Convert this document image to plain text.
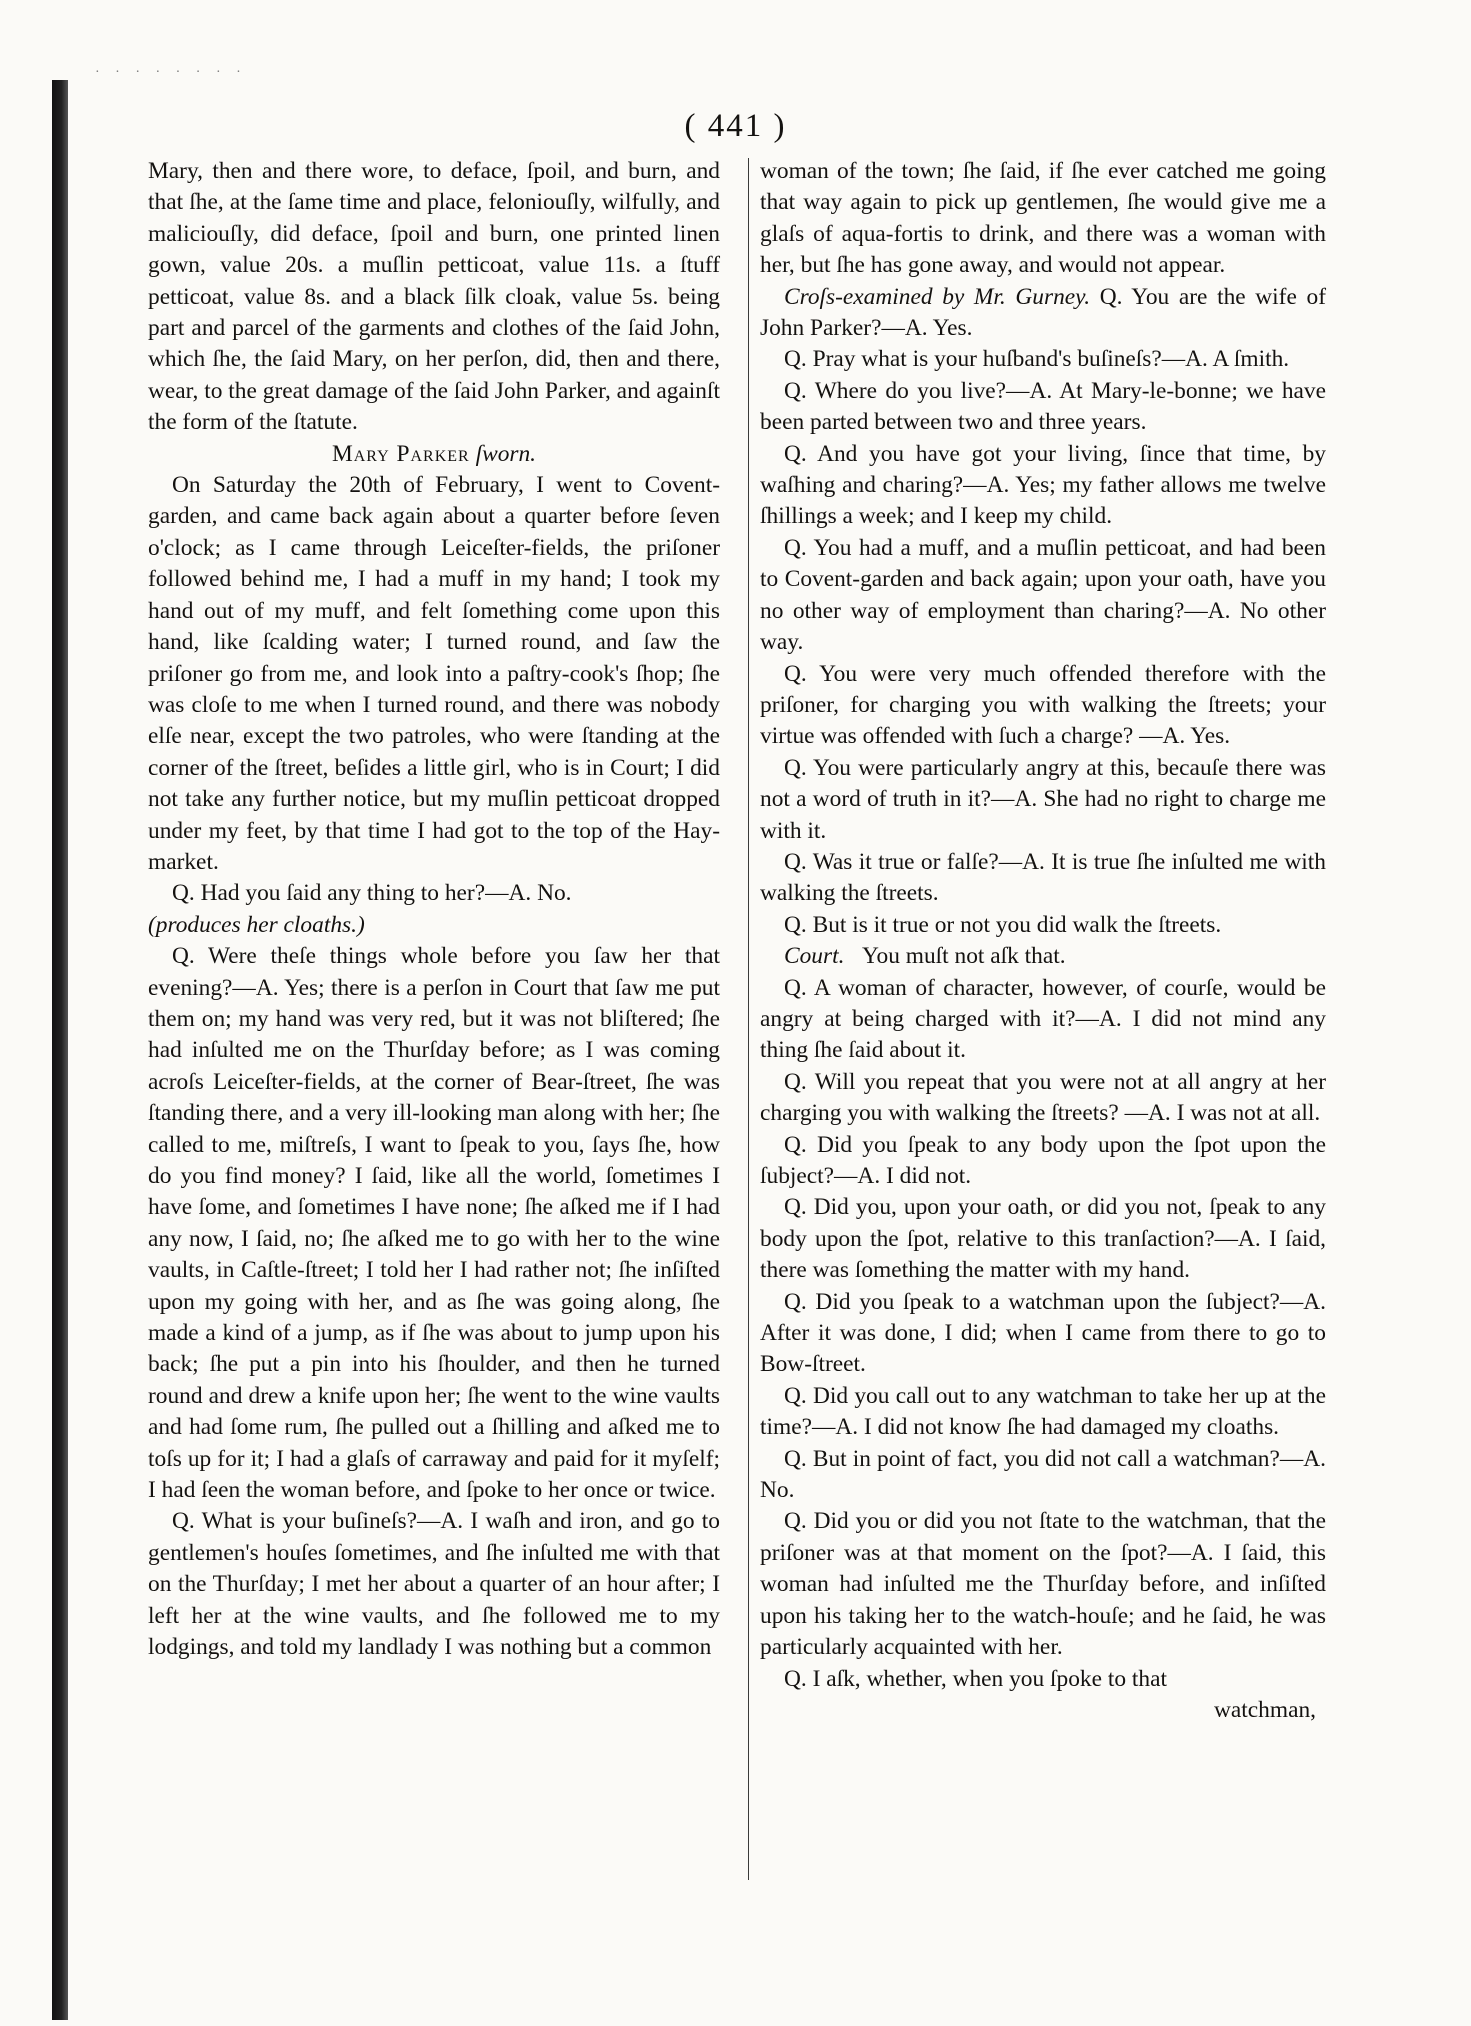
· · · · · · · ·
( 441 )

Mary, then and there wore, to deface, ſpoil, and burn, and that ſhe, at the ſame time and place, feloniouſly, wilfully, and maliciouſly, did deface, ſpoil and burn, one printed linen gown, value 20s. a muſlin petticoat, value 11s. a ſtuff petticoat, value 8s. and a black ſilk cloak, value 5s. being part and parcel of the garments and clothes of the ſaid John, which ſhe, the ſaid Mary, on her perſon, did, then and there, wear, to the great damage of the ſaid John Parker, and againſt the form of the ſtatute.

Mary Parker ſworn.

On Saturday the 20th of February, I went to Covent-garden, and came back again about a quarter before ſeven o'clock; as I came through Leiceſter-fields, the priſoner followed behind me, I had a muff in my hand; I took my hand out of my muff, and felt ſomething come upon this hand, like ſcalding water; I turned round, and ſaw the priſoner go from me, and look into a paſtry-cook's ſhop; ſhe was cloſe to me when I turned round, and there was nobody elſe near, except the two patroles, who were ſtanding at the corner of the ſtreet, beſides a little girl, who is in Court; I did not take any further notice, but my muſlin petticoat dropped under my feet, by that time I had got to the top of the Hay-market.

Q. Had you ſaid any thing to her?—A. No.

(produces her cloaths.)

Q. Were theſe things whole before you ſaw her that evening?—A. Yes; there is a perſon in Court that ſaw me put them on; my hand was very red, but it was not bliſtered; ſhe had inſulted me on the Thurſday before; as I was coming acroſs Leiceſter-fields, at the corner of Bear-ſtreet, ſhe was ſtanding there, and a very ill-looking man along with her; ſhe called to me, miſtreſs, I want to ſpeak to you, ſays ſhe, how do you find money? I ſaid, like all the world, ſometimes I have ſome, and ſometimes I have none; ſhe aſked me if I had any now, I ſaid, no; ſhe aſked me to go with her to the wine vaults, in Caſtle-ſtreet; I told her I had rather not; ſhe inſiſted upon my going with her, and as ſhe was going along, ſhe made a kind of a jump, as if ſhe was about to jump upon his back; ſhe put a pin into his ſhoulder, and then he turned round and drew a knife upon her; ſhe went to the wine vaults and had ſome rum, ſhe pulled out a ſhilling and aſked me to toſs up for it; I had a glaſs of carraway and paid for it myſelf; I had ſeen the woman before, and ſpoke to her once or twice.

Q. What is your buſineſs?—A. I waſh and iron, and go to gentlemen's houſes ſometimes, and ſhe inſulted me with that on the Thurſday; I met her about a quarter of an hour after; I left her at the wine vaults, and ſhe followed me to my lodgings, and told my landlady I was nothing but a common

woman of the town; ſhe ſaid, if ſhe ever catched me going that way again to pick up gentlemen, ſhe would give me a glaſs of aqua-fortis to drink, and there was a woman with her, but ſhe has gone away, and would not appear.

Croſs-examined by Mr. Gurney. Q. You are the wife of John Parker?—A. Yes.

Q. Pray what is your huſband's buſineſs?—A. A ſmith.

Q. Where do you live?—A. At Mary-le-bonne; we have been parted between two and three years.

Q. And you have got your living, ſince that time, by waſhing and charing?—A. Yes; my father allows me twelve ſhillings a week; and I keep my child.

Q. You had a muff, and a muſlin petticoat, and had been to Covent-garden and back again; upon your oath, have you no other way of employment than charing?—A. No other way.

Q. You were very much offended therefore with the priſoner, for charging you with walking the ſtreets; your virtue was offended with ſuch a charge? —A. Yes.

Q. You were particularly angry at this, becauſe there was not a word of truth in it?—A. She had no right to charge me with it.

Q. Was it true or falſe?—A. It is true ſhe inſulted me with walking the ſtreets.

Q. But is it true or not you did walk the ſtreets.

Court. You muſt not aſk that.

Q. A woman of character, however, of courſe, would be angry at being charged with it?—A. I did not mind any thing ſhe ſaid about it.

Q. Will you repeat that you were not at all angry at her charging you with walking the ſtreets? —A. I was not at all.

Q. Did you ſpeak to any body upon the ſpot upon the ſubject?—A. I did not.

Q. Did you, upon your oath, or did you not, ſpeak to any body upon the ſpot, relative to this tranſaction?—A. I ſaid, there was ſomething the matter with my hand.

Q. Did you ſpeak to a watchman upon the ſubject?—A. After it was done, I did; when I came from there to go to Bow-ſtreet.

Q. Did you call out to any watchman to take her up at the time?—A. I did not know ſhe had damaged my cloaths.

Q. But in point of fact, you did not call a watchman?—A. No.

Q. Did you or did you not ſtate to the watchman, that the priſoner was at that moment on the ſpot?—A. I ſaid, this woman had inſulted me the Thurſday before, and inſiſted upon his taking her to the watch-houſe; and he ſaid, he was particularly acquainted with her.

Q. I aſk, whether, when you ſpoke to that

watchman,
